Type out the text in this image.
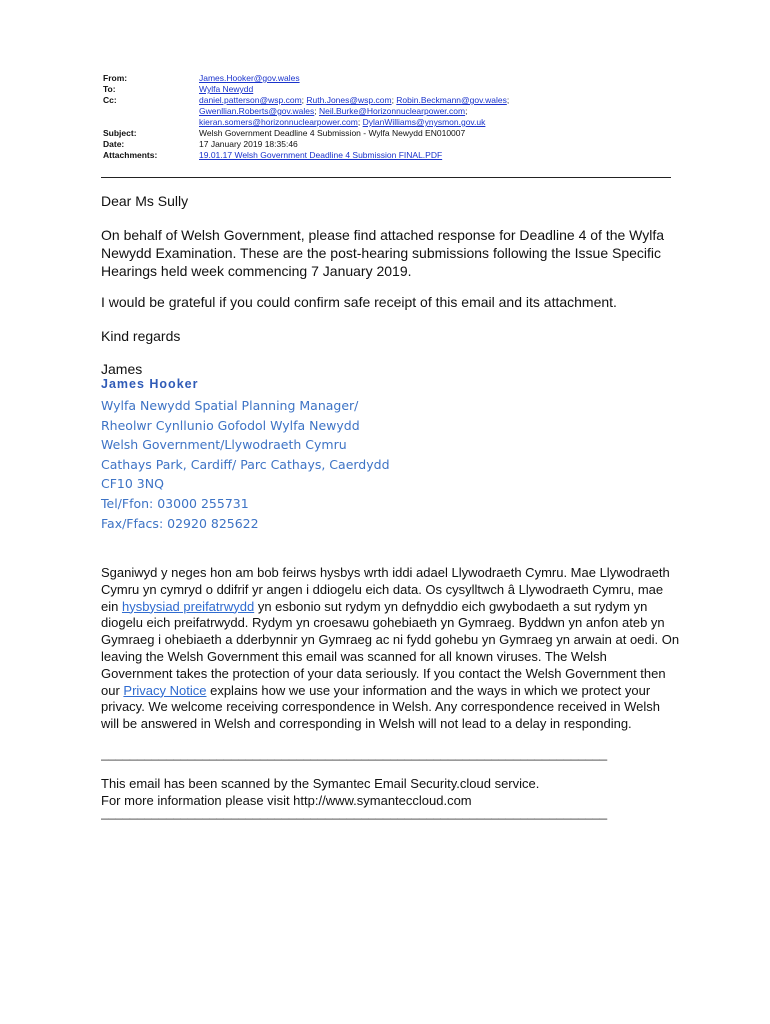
From:	James.Hooker@gov.wales
To:	Wylfa Newydd
Cc:	daniel.patterson@wsp.com; Ruth.Jones@wsp.com; Robin.Beckmann@gov.wales;
Gwenllian.Roberts@gov.wales; Neil.Burke@Horizonnuclearpower.com;
kieran.somers@horizonnuclearpower.com; DylanWilliams@ynysmon.gov.uk
Subject:	Welsh Government Deadline 4 Submission - Wylfa Newydd EN010007
Date:	17 January 2019 18:35:46
Attachments:	19.01.17 Welsh Government Deadline 4 Submission FINAL.PDF

Dear Ms Sully

On behalf of Welsh Government, please find attached response for Deadline 4 of the Wylfa Newydd Examination. These are the post-hearing submissions following the Issue Specific Hearings held week commencing 7 January 2019.

I would be grateful if you could confirm safe receipt of this email and its attachment.

Kind regards

James

James Hooker
Wylfa Newydd Spatial Planning Manager/
Rheolwr Cynllunio Gofodol Wylfa Newydd
Welsh Government/Llywodraeth Cymru
Cathays Park, Cardiff/ Parc Cathays, Caerdydd
CF10 3NQ
Tel/Ffon: 03000 255731
Fax/Ffacs: 02920 825622
Sganiwyd y neges hon am bob feirws hysbys wrth iddi adael Llywodraeth Cymru. Mae Llywodraeth Cymru yn cymryd o ddifrif yr angen i ddiogelu eich data. Os cysylltwch â Llywodraeth Cymru, mae ein hysbysiad preifatrwydd yn esbonio sut rydym yn defnyddio eich gwybodaeth a sut rydym yn diogelu eich preifatrwydd. Rydym yn croesawu gohebiaeth yn Gymraeg. Byddwn yn anfon ateb yn Gymraeg i ohebiaeth a dderbynnir yn Gymraeg ac ni fydd gohebu yn Gymraeg yn arwain at oedi. On leaving the Welsh Government this email was scanned for all known viruses. The Welsh Government takes the protection of your data seriously. If you contact the Welsh Government then our Privacy Notice explains how we use your information and the ways in which we protect your privacy. We welcome receiving correspondence in Welsh. Any correspondence received in Welsh will be answered in Welsh and corresponding in Welsh will not lead to a delay in responding.
______________________________________________________________________
This email has been scanned by the Symantec Email Security.cloud service.
For more information please visit http://www.symanteccloud.com
______________________________________________________________________
